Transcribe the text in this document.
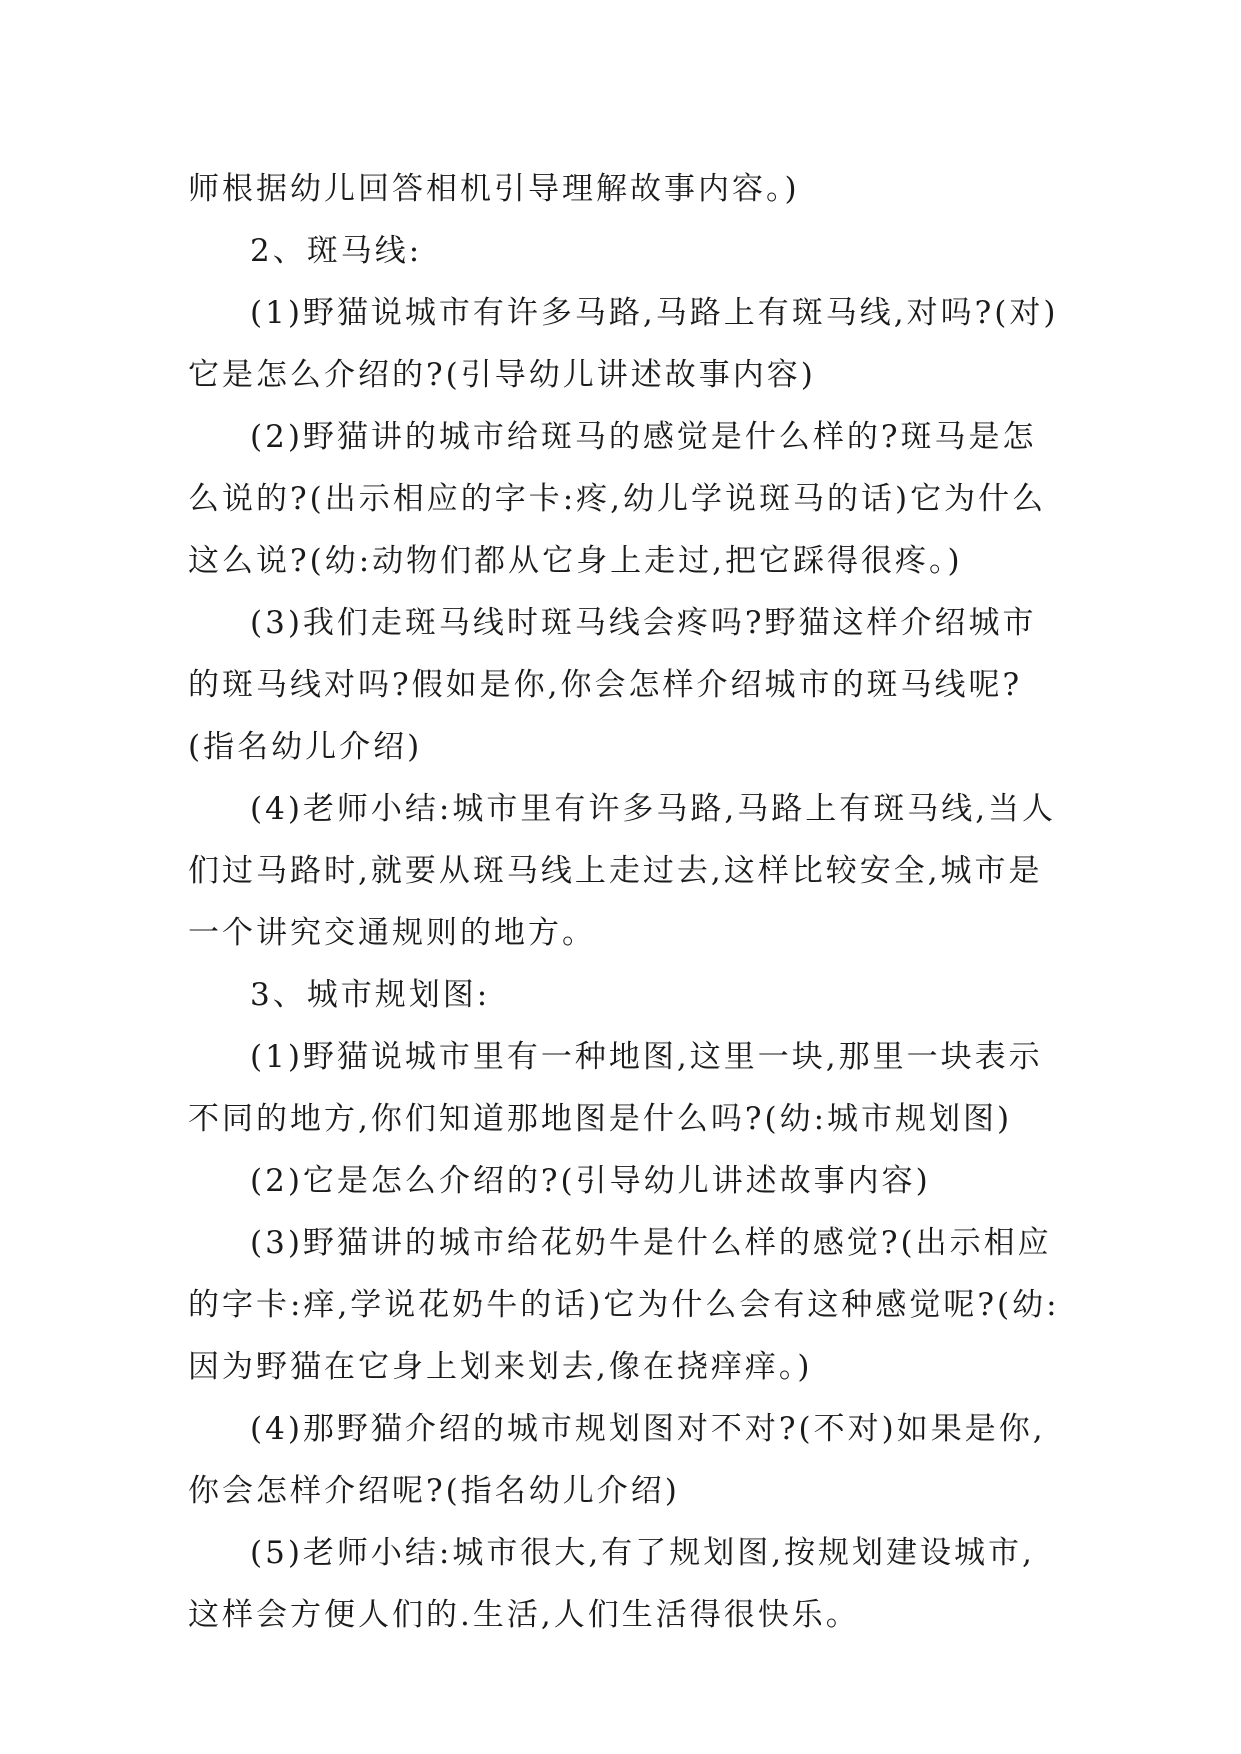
师根据幼儿回答相机引导理解故事内容。)

2、斑马线:

(1)野猫说城市有许多马路,马路上有斑马线,对吗?(对)它是怎么介绍的?(引导幼儿讲述故事内容)

(2)野猫讲的城市给斑马的感觉是什么样的?斑马是怎么说的?(出示相应的字卡:疼,幼儿学说斑马的话)它为什么这么说?(幼:动物们都从它身上走过,把它踩得很疼。)

(3)我们走斑马线时斑马线会疼吗?野猫这样介绍城市的斑马线对吗?假如是你,你会怎样介绍城市的斑马线呢?(指名幼儿介绍)

(4)老师小结:城市里有许多马路,马路上有斑马线,当人们过马路时,就要从斑马线上走过去,这样比较安全,城市是一个讲究交通规则的地方。

3、城市规划图:

(1)野猫说城市里有一种地图,这里一块,那里一块表示不同的地方,你们知道那地图是什么吗?(幼:城市规划图)

(2)它是怎么介绍的?(引导幼儿讲述故事内容)

(3)野猫讲的城市给花奶牛是什么样的感觉?(出示相应的字卡:痒,学说花奶牛的话)它为什么会有这种感觉呢?(幼:因为野猫在它身上划来划去,像在挠痒痒。)

(4)那野猫介绍的城市规划图对不对?(不对)如果是你,你会怎样介绍呢?(指名幼儿介绍)

(5)老师小结:城市很大,有了规划图,按规划建设城市,这样会方便人们的.生活,人们生活得很快乐。
